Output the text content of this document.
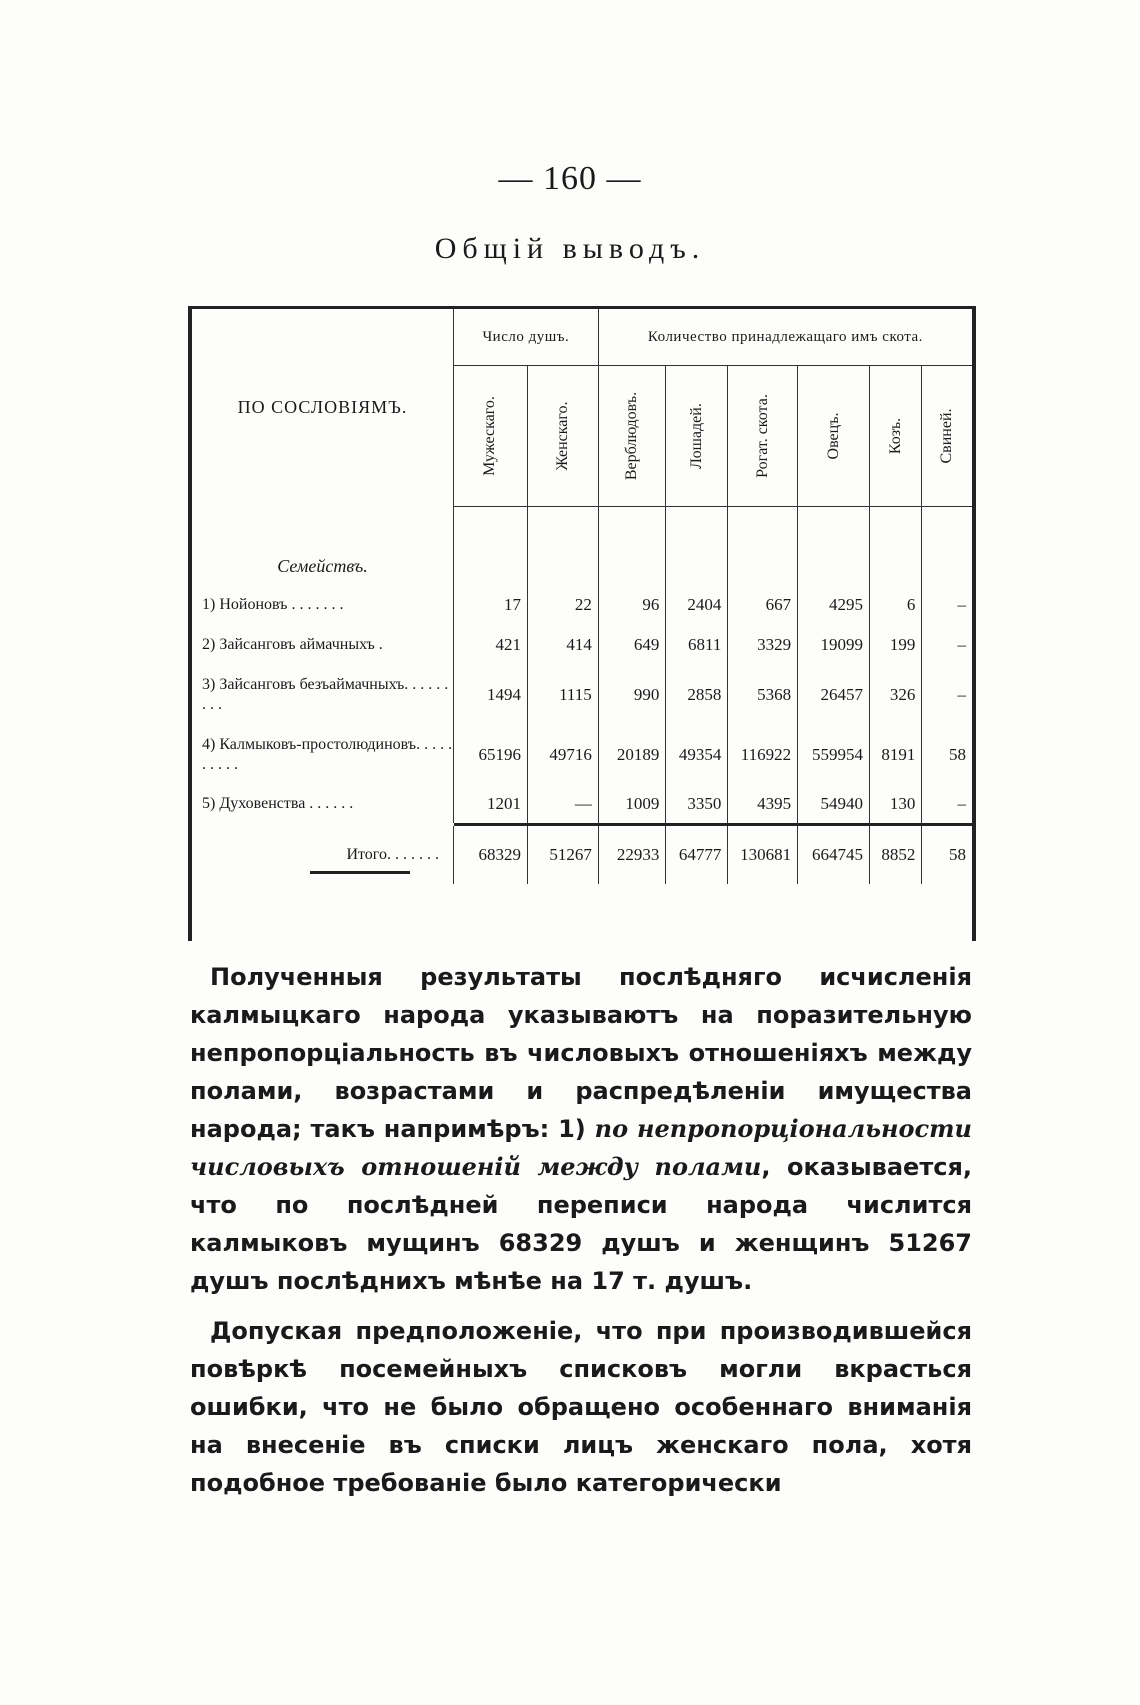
— 160 —
Общій выводъ.
ПО СОСЛОВІЯМЪ.	Число душъ.		Количество принадлежащаго имъ скота.					

	Мужескаго.	Женскаго.	Верблюдовъ.	Лошадей.	Рогат. скота.	Овецъ.	Козъ.	Свиней.

Семействъ.								
1) Нойоновъ . . . . . . .	17	22	96	2404	667	4295	6	–
2) Зайсанговъ аймачныхъ .	421	414	649	6811	3329	19099	199	–
3) Зайсанговъ безъаймачныхъ. . . . . . . . .	1494	1115	990	2858	5368	26457	326	–
4) Калмыковъ-простолюдиновъ. . . . . . . . . .	65196	49716	20189	49354	116922	559954	8191	58
5) Духовенства . . . . . .	1201	—	1009	3350	4395	54940	130	–
Итого. . . . . . .	68329	51267	22933	64777	130681	664745	8852	58

Полученныя результаты послѣдняго исчисленія калмыцкаго народа указываютъ на поразительную непропорціальность въ числовыхъ отношеніяхъ между полами, возрастами и распредѣленіи имущества народа; такъ напримѣръ: 1) по непропорціональности числовыхъ отношеній между полами, оказывается, что по послѣдней переписи народа числится калмыковъ мущинъ 68329 душъ и женщинъ 51267 душъ послѣднихъ мѣнѣе на 17 т. душъ.

Допуская предположеніе, что при производившейся повѣркѣ посемейныхъ списковъ могли вкрасться ошибки, что не было обращено особеннаго вниманія на внесеніе въ списки лицъ женскаго пола, хотя подобное требованіе было категорически
